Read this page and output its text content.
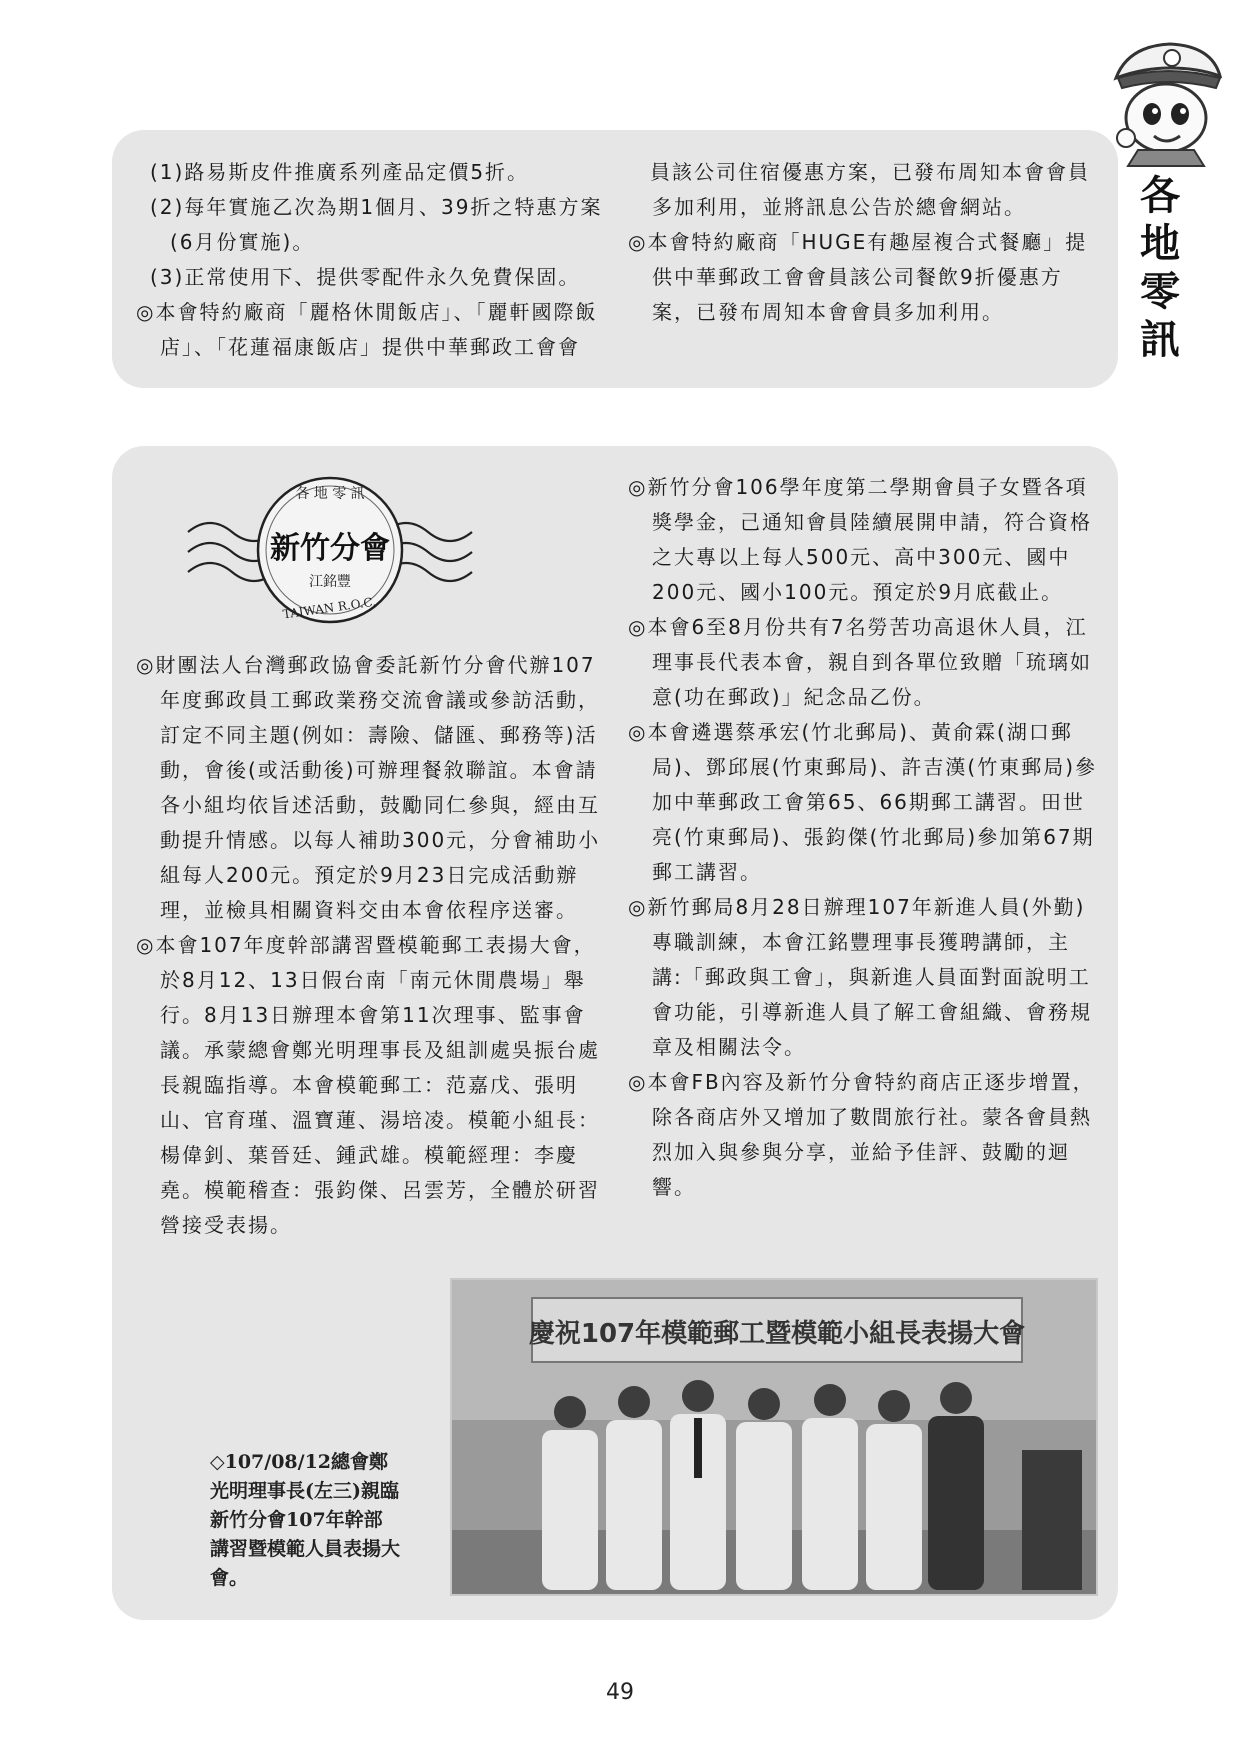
各地零訊

(1)路易斯皮件推廣系列產品定價5折。

(2)每年實施乙次為期1個月、39折之特惠方案(6月份實施)。

(3)正常使用下、提供零配件永久免費保固。

◎本會特約廠商「麗格休閒飯店」、「麗軒國際飯店」、「花蓮福康飯店」提供中華郵政工會會

　員該公司住宿優惠方案，已發布周知本會會員多加利用，並將訊息公告於總會網站。

◎本會特約廠商「HUGE有趣屋複合式餐廳」提供中華郵政工會會員該公司餐飲9折優惠方案，已發布周知本會會員多加利用。

各 地 零 訊
新竹分會
江銘豐
TAIWAN R.O.C.

◎財團法人台灣郵政協會委託新竹分會代辦107年度郵政員工郵政業務交流會議或參訪活動，訂定不同主題(例如：壽險、儲匯、郵務等)活動，會後(或活動後)可辦理餐敘聯誼。本會請各小組均依旨述活動，鼓勵同仁參與，經由互動提升情感。以每人補助300元，分會補助小組每人200元。預定於9月23日完成活動辦理，並檢具相關資料交由本會依程序送審。

◎本會107年度幹部講習暨模範郵工表揚大會，於8月12、13日假台南「南元休閒農場」舉行。8月13日辦理本會第11次理事、監事會議。承蒙總會鄭光明理事長及組訓處吳振台處長親臨指導。本會模範郵工：范嘉戊、張明山、官育瑾、溫寶蓮、湯培凌。模範小組長：楊偉釗、葉晉廷、鍾武雄。模範經理：李慶堯。模範稽查：張鈞傑、呂雲芳，全體於研習營接受表揚。

◎新竹分會106學年度第二學期會員子女暨各項獎學金，己通知會員陸續展開申請，符合資格之大專以上每人500元、高中300元、國中200元、國小100元。預定於9月底截止。

◎本會6至8月份共有7名勞苦功高退休人員，江理事長代表本會，親自到各單位致贈「琉璃如意(功在郵政)」紀念品乙份。

◎本會遴選蔡承宏(竹北郵局)、黃俞霖(湖口郵局)、鄧邱展(竹東郵局)、許吉漢(竹東郵局)參加中華郵政工會第65、66期郵工講習。田世亮(竹東郵局)、張鈞傑(竹北郵局)參加第67期郵工講習。

◎新竹郵局8月28日辦理107年新進人員(外勤)專職訓練，本會江銘豐理事長獲聘講師，主講:「郵政與工會」，與新進人員面對面說明工會功能，引導新進人員了解工會組織、會務規章及相關法令。

◎本會FB內容及新竹分會特約商店正逐步增置，除各商店外又增加了數間旅行社。蒙各會員熱烈加入與參與分享，並給予佳評、鼓勵的迴響。

慶祝107年模範郵工暨模範小組長表揚大會
◇107/08/12總會鄭光明理事長(左三)親臨新竹分會107年幹部講習暨模範人員表揚大會。
49
